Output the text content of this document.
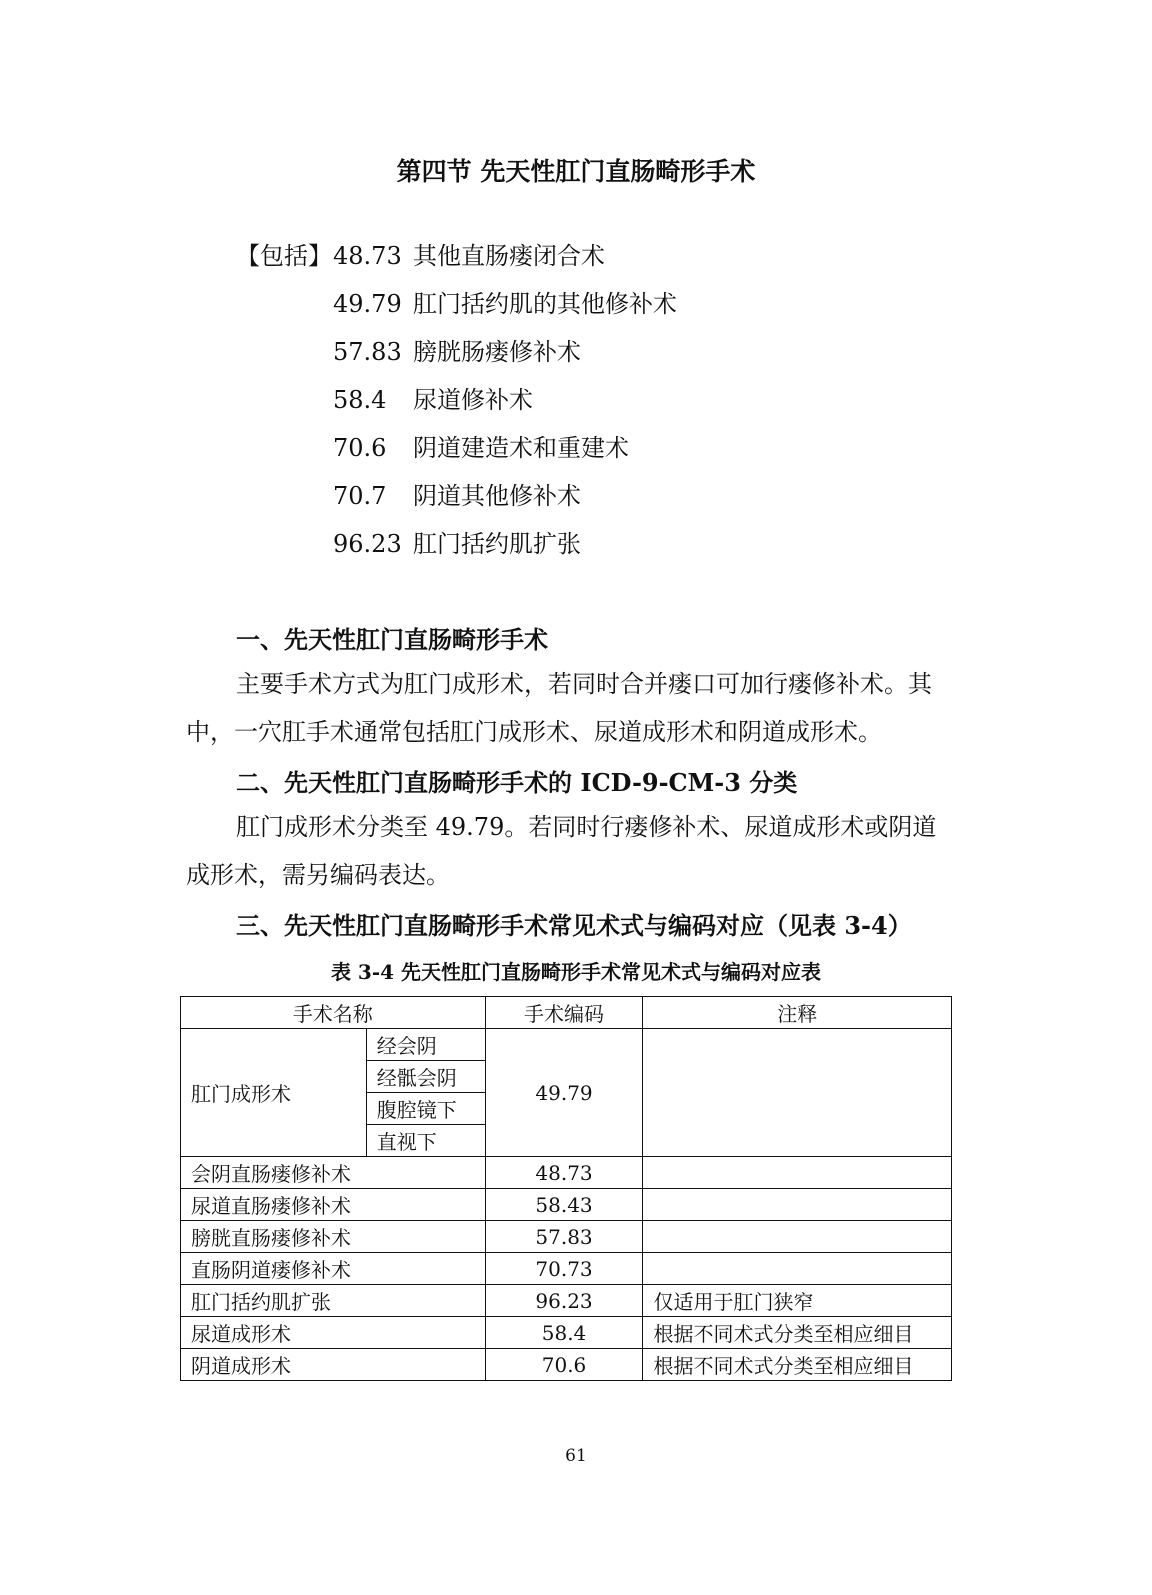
第四节 先天性肛门直肠畸形手术
【包括】 48.73 其他直肠瘘闭合术
49.79 肛门括约肌的其他修补术
57.83 膀胱肠瘘修补术
58.4 尿道修补术
70.6 阴道建造术和重建术
70.7 阴道其他修补术
96.23 肛门括约肌扩张
一、先天性肛门直肠畸形手术
主要手术方式为肛门成形术，若同时合并瘘口可加行瘘修补术。其中，一穴肛手术通常包括肛门成形术、尿道成形术和阴道成形术。
二、先天性肛门直肠畸形手术的 ICD-9-CM-3 分类
肛门成形术分类至 49.79。若同时行瘘修补术、尿道成形术或阴道成形术，需另编码表达。
三、先天性肛门直肠畸形手术常见术式与编码对应（见表 3-4）
表 3-4 先天性肛门直肠畸形手术常见术式与编码对应表
手术名称		手术编码	注释
肛门成形术	经会阴	49.79	
	经骶会阴		
	腹腔镜下		
	直视下		
会阴直肠瘘修补术		48.73	
尿道直肠瘘修补术		58.43	
膀胱直肠瘘修补术		57.83	
直肠阴道瘘修补术		70.73	
肛门括约肌扩张		96.23	仅适用于肛门狭窄
尿道成形术		58.4	根据不同术式分类至相应细目
阴道成形术		70.6	根据不同术式分类至相应细目
61
